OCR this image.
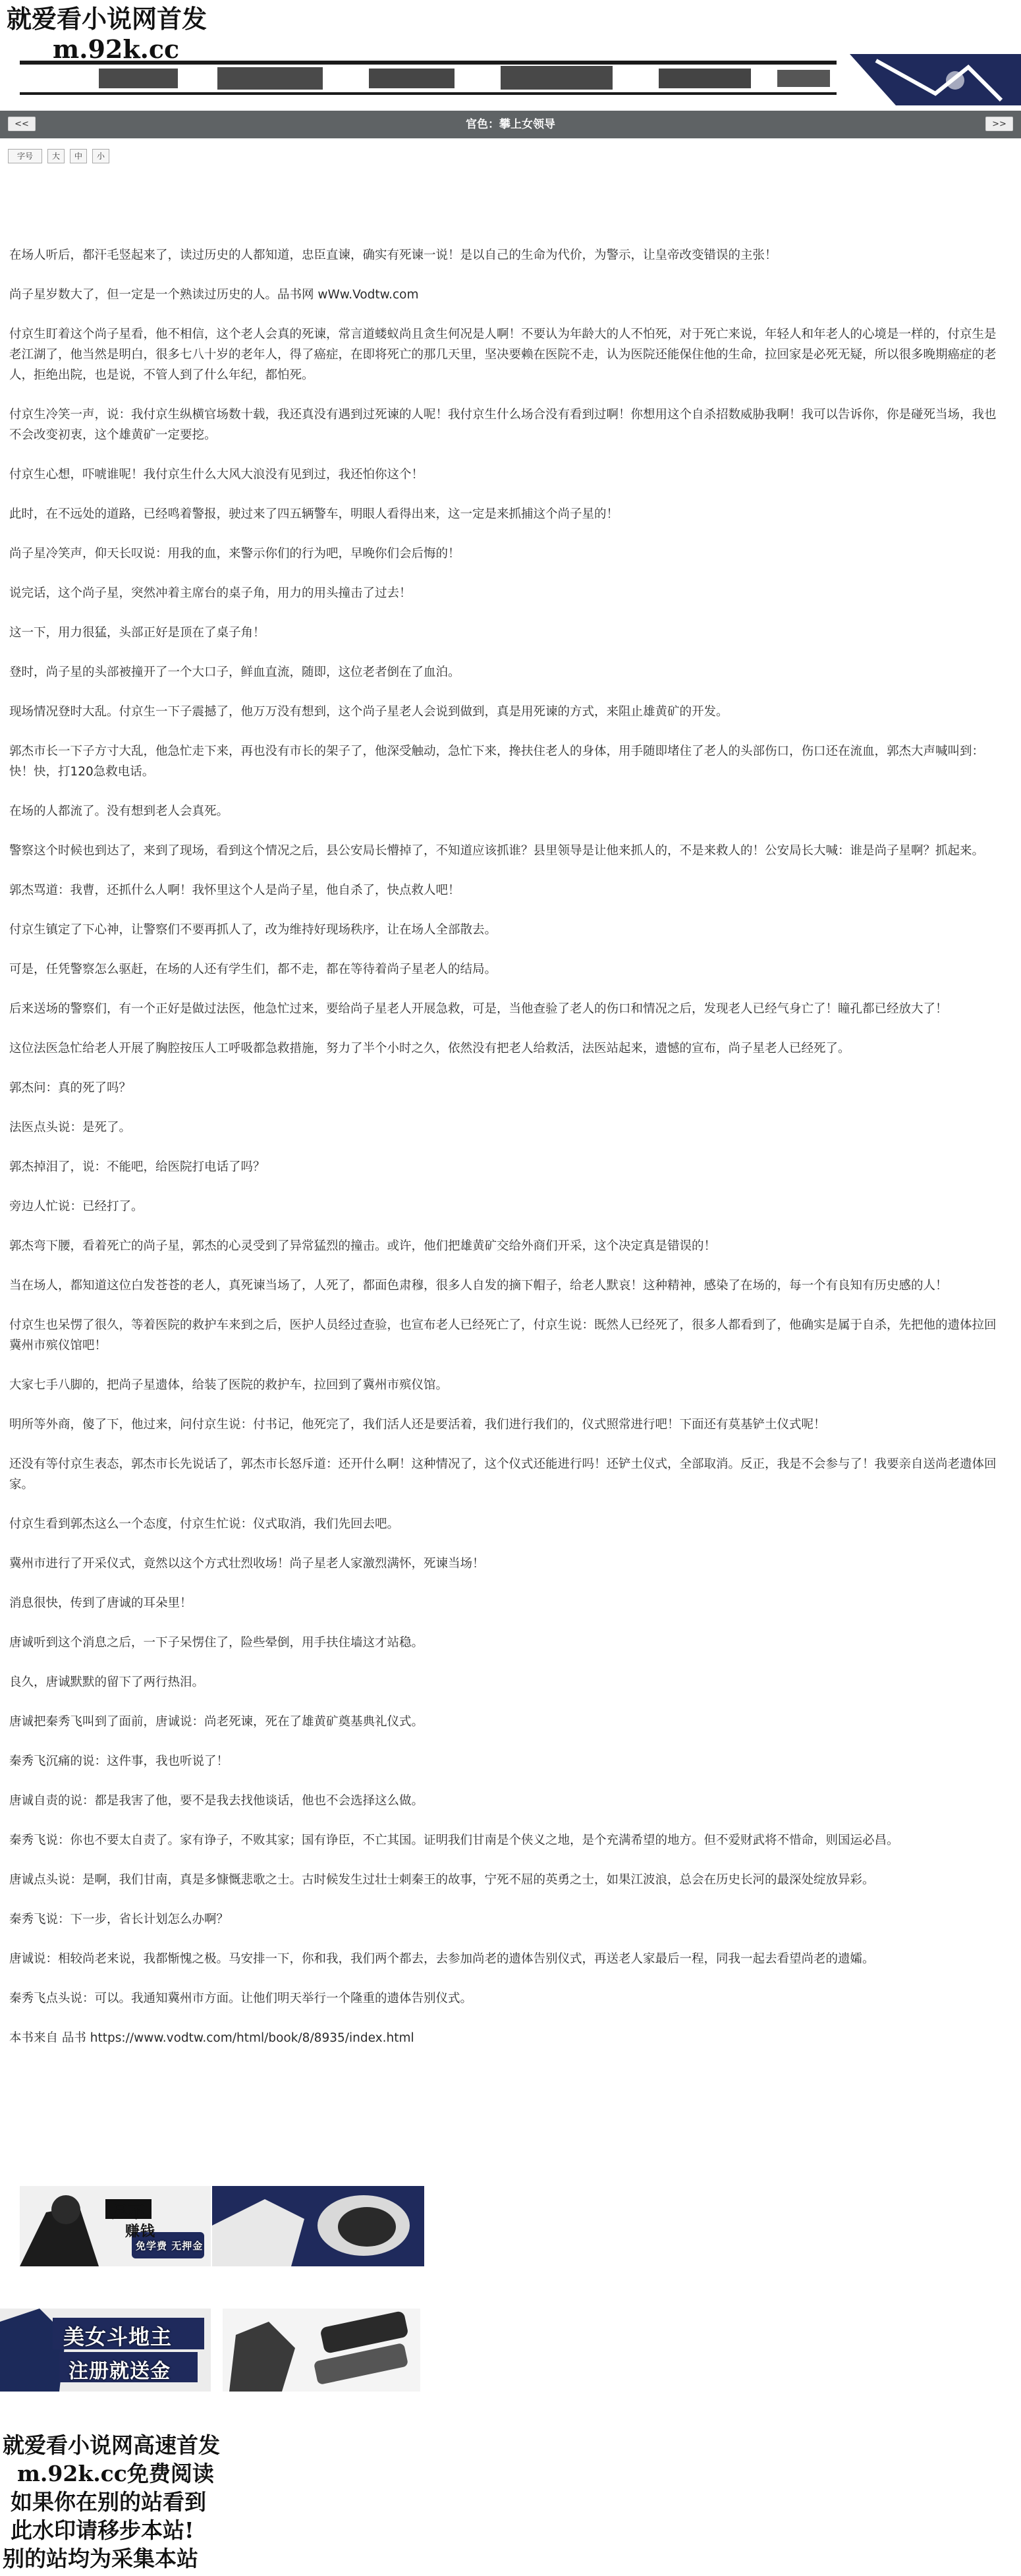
就爱看小说网首发
m.92k.cc
<<	官色：攀上女领导	>>
字号	大	中	小

在场人听后，都汗毛竖起来了，读过历史的人都知道，忠臣直谏，确实有死谏一说！是以自己的生命为代价，为警示，让皇帝改变错误的主张！

尚子星岁数大了，但一定是一个熟读过历史的人。品书网 wWw.Vodtw.com

付京生盯着这个尚子星看，他不相信，这个老人会真的死谏，常言道蝼蚁尚且贪生何况是人啊！不要认为年龄大的人不怕死，对于死亡来说，年轻人和年老人的心境是一样的，付京生是老江湖了，他当然是明白，很多七八十岁的老年人，得了癌症，在即将死亡的那几天里，坚决要赖在医院不走，认为医院还能保住他的生命，拉回家是必死无疑，所以很多晚期癌症的老人，拒绝出院，也是说，不管人到了什么年纪，都怕死。

付京生冷笑一声，说：我付京生纵横官场数十载，我还真没有遇到过死谏的人呢！我付京生什么场合没有看到过啊！你想用这个自杀招数威胁我啊！我可以告诉你，你是碰死当场，我也不会改变初衷，这个雄黄矿一定要挖。

付京生心想，吓唬谁呢！我付京生什么大风大浪没有见到过，我还怕你这个！

此时，在不远处的道路，已经鸣着警报，驶过来了四五辆警车，明眼人看得出来，这一定是来抓捕这个尚子星的！

尚子星冷笑声，仰天长叹说：用我的血，来警示你们的行为吧，早晚你们会后悔的！

说完话，这个尚子星，突然冲着主席台的桌子角，用力的用头撞击了过去！

这一下，用力很猛，头部正好是顶在了桌子角！

登时，尚子星的头部被撞开了一个大口子，鲜血直流，随即，这位老者倒在了血泊。

现场情况登时大乱。付京生一下子震撼了，他万万没有想到，这个尚子星老人会说到做到，真是用死谏的方式，来阻止雄黄矿的开发。

郭杰市长一下子方寸大乱，他急忙走下来，再也没有市长的架子了，他深受触动，急忙下来，搀扶住老人的身体，用手随即堵住了老人的头部伤口，伤口还在流血，郭杰大声喊叫到：快！快，打120急救电话。

在场的人都流了。没有想到老人会真死。

警察这个时候也到达了，来到了现场，看到这个情况之后，县公安局长懵掉了，不知道应该抓谁？县里领导是让他来抓人的，不是来救人的！公安局长大喊：谁是尚子星啊？抓起来。

郭杰骂道：我曹，还抓什么人啊！我怀里这个人是尚子星，他自杀了，快点救人吧！

付京生镇定了下心神，让警察们不要再抓人了，改为维持好现场秩序，让在场人全部散去。

可是，任凭警察怎么驱赶，在场的人还有学生们，都不走，都在等待着尚子星老人的结局。

后来送场的警察们，有一个正好是做过法医，他急忙过来，要给尚子星老人开展急救，可是，当他查验了老人的伤口和情况之后，发现老人已经气身亡了！瞳孔都已经放大了！

这位法医急忙给老人开展了胸腔按压人工呼吸都急救措施，努力了半个小时之久，依然没有把老人给救活，法医站起来，遗憾的宣布，尚子星老人已经死了。

郭杰问：真的死了吗？

法医点头说：是死了。

郭杰掉泪了，说：不能吧，给医院打电话了吗？

旁边人忙说：已经打了。

郭杰弯下腰，看着死亡的尚子星，郭杰的心灵受到了异常猛烈的撞击。或许，他们把雄黄矿交给外商们开采，这个决定真是错误的！

当在场人，都知道这位白发苍苍的老人，真死谏当场了，人死了，都面色肃穆，很多人自发的摘下帽子，给老人默哀！这种精神，感染了在场的，每一个有良知有历史感的人！

付京生也呆愣了很久，等着医院的救护车来到之后，医护人员经过查验，也宣布老人已经死亡了，付京生说：既然人已经死了，很多人都看到了，他确实是属于自杀，先把他的遗体拉回冀州市殡仪馆吧！

大家七手八脚的，把尚子星遗体，给装了医院的救护车，拉回到了冀州市殡仪馆。

明所等外商，傻了下，他过来，问付京生说：付书记，他死完了，我们活人还是要活着，我们进行我们的，仪式照常进行吧！下面还有莫基铲土仪式呢！

还没有等付京生表态，郭杰市长先说话了，郭杰市长怒斥道：还开什么啊！这种情况了，这个仪式还能进行吗！还铲土仪式，全部取消。反正，我是不会参与了！我要亲自送尚老遗体回家。

付京生看到郭杰这么一个态度，付京生忙说：仪式取消，我们先回去吧。

冀州市进行了开采仪式，竟然以这个方式壮烈收场！尚子星老人家激烈满怀，死谏当场！

消息很快，传到了唐诚的耳朵里！

唐诚听到这个消息之后，一下子呆愣住了，险些晕倒，用手扶住墙这才站稳。

良久，唐诚默默的留下了两行热泪。

唐诚把秦秀飞叫到了面前，唐诚说：尚老死谏，死在了雄黄矿奠基典礼仪式。

秦秀飞沉痛的说：这件事，我也听说了！

唐诚自责的说：都是我害了他，要不是我去找他谈话，他也不会选择这么做。

秦秀飞说：你也不要太自责了。家有诤子，不败其家；国有诤臣，不亡其国。证明我们甘南是个侠义之地，是个充满希望的地方。但不爱财武将不惜命，则国运必昌。

唐诚点头说：是啊，我们甘南，真是多慷慨悲歌之士。古时候发生过壮士刺秦王的故事，宁死不屈的英勇之士，如果江波浪，总会在历史长河的最深处绽放异彩。

秦秀飞说：下一步，省长计划怎么办啊？

唐诚说：相较尚老来说，我都惭愧之极。马安排一下，你和我，我们两个都去，去参加尚老的遗体告别仪式，再送老人家最后一程，同我一起去看望尚老的遗孀。

秦秀飞点头说：可以。我通知冀州市方面。让他们明天举行一个隆重的遗体告别仪式。

本书来自 品书 https://www.vodtw.com/html/book/8/8935/index.html

足不
赚钱
免学费 无押金
美女斗地主
注册就送金
就爱看小说网高速首发
m.92k.cc免费阅读
如果你在别的站看到
此水印请移步本站!
别的站均为采集本站
